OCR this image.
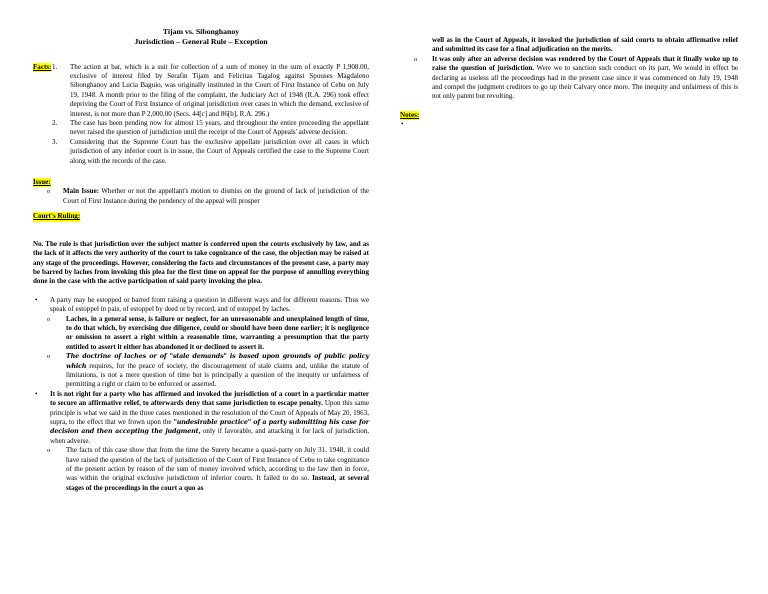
Tijam vs. Sibonghanoy
Jurisdiction – General Rule – Exception
Facts: 1. The action at bar, which is a suit for collection of a sum of money in the sum of exactly P 1,908.00, exclusive of interest filed by Serafin Tijam and Felicitas Tagalog against Spouses Magdaleno Sibonghanoy and Lucia Baguio, was originally instituted in the Court of First Instance of Cebu on July 19, 1948. A month prior to the filing of the complaint, the Judiciary Act of 1948 (R.A. 296) took effect depriving the Court of First Instance of original jurisdiction over cases in which the demand, exclusive of interest, is not more than P 2,000.00 (Secs. 44[c] and 86[b], R.A. 296.)
2. The case has been pending now for almost 15 years, and throughout the entire proceeding the appellant never raised the question of jurisdiction until the receipt of the Court of Appeals' adverse decision.
3. Considering that the Supreme Court has the exclusive appellate jurisdiction over all cases in which jurisdiction of any inferior court is in issue, the Court of Appeals certified the case to the Supreme Court along with the records of the case.
Issue:
o Main Issue: Whether or not the appellant's motion to dismiss on the ground of lack of jurisdiction of the Court of First Instance during the pendency of the appeal will prosper
Court's Ruling:
No. The rule is that jurisdiction over the subject matter is conferred upon the courts exclusively by law, and as the lack of it affects the very authority of the court to take cognizance of the case, the objection may be raised at any stage of the proceedings. However, considering the facts and circumstances of the present case, a party may be barred by laches from invoking this plea for the first time on appeal for the purpose of annulling everything done in the case with the active participation of said party invoking the plea.
• A party may be estopped or barred from raising a question in different ways and for different reasons. Thus we speak of estoppel in pais, of estoppel by deed or by record, and of estoppel by laches.
o Laches, in a general sense, is failure or neglect, for an unreasonable and unexplained length of time, to do that which, by exercising due diligence, could or should have been done earlier; it is negligence or omission to assert a right within a reasonable time, warranting a presumption that the party entitled to assert it either has abandoned it or declined to assert it.
o The doctrine of laches or of "stale demands" is based upon grounds of public policy which requires, for the peace of society, the discouragement of stale claims and, unlike the statute of limitations, is not a mere question of time but is principally a question of the inequity or unfairness of permitting a right or claim to be enforced or asserted.
• It is not right for a party who has affirmed and invoked the jurisdiction of a court in a particular matter to secure an affirmative relief, to afterwards deny that same jurisdiction to escape penalty. Upon this same principle is what we said in the three cases mentioned in the resolution of the Court of Appeals of May 20, 1963, supra, to the effect that we frown upon the "undesirable practice" of a party submitting his case for decision and then accepting the judgment, only if favorable, and attacking it for lack of jurisdiction, when adverse.
o The facts of this case show that from the time the Surety became a quasi-party on July 31, 1948, it could have raised the question of the lack of jurisdiction of the Court of First Instance of Cebu to take cognizance of the present action by reason of the sum of money involved which, according to the law then in force, was within the original exclusive jurisdiction of inferior courts. It failed to do so. Instead, at several stages of the proceedings in the court a quo as
well as in the Court of Appeals, it invoked the jurisdiction of said courts to obtain affirmative relief and submitted its case for a final adjudication on the merits.
o It was only after an adverse decision was rendered by the Court of Appeals that it finally woke up to raise the question of jurisdiction. Were we to sanction such conduct on its part, We would in effect be declaring as useless all the proceedings had in the present case since it was commenced on July 19, 1948 and compel the judgment creditors to go up their Calvary once more. The inequity and unfairness of this is not only patent but revolting.
Notes:
•
